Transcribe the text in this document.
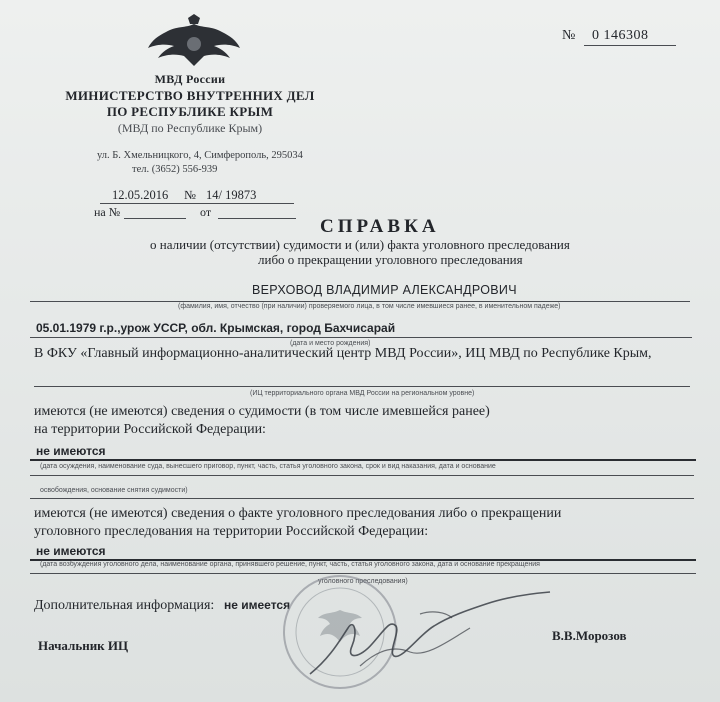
МВД России
МИНИСТЕРСТВО ВНУТРЕННИХ ДЕЛ
ПО РЕСПУБЛИКЕ КРЫМ
(МВД по Республике Крым)
ул. Б. Хмельницкого, 4, Симферополь, 295034
тел. (3652) 556-939
12.05.2016 № 14/ 19873
на №	от
№ 0 146308
СПРАВКА
о наличии (отсутствии) судимости и (или) факта уголовного преследования
либо о прекращении уголовного преследования
ВЕРХОВОД ВЛАДИМИР АЛЕКСАНДРОВИЧ
(фамилия, имя, отчество (при наличии) проверяемого лица, в том числе имевшиеся ранее, в именительном падеже)
05.01.1979 г.р.,урож УССР, обл. Крымская, город Бахчисарай
(дата и место рождения)
В ФКУ «Главный информационно-аналитический центр МВД России», ИЦ МВД по Республике Крым,
(ИЦ территориального органа МВД России на региональном уровне)
имеются (не имеются) сведения о судимости (в том числе имевшейся ранее)
на территории Российской Федерации:
не имеются
(дата осуждения, наименование суда, вынесшего приговор, пункт, часть, статья уголовного закона, срок и вид наказания, дата и основание
освобождения, основание снятия судимости)
имеются (не имеются) сведения о факте уголовного преследования либо о прекращении
уголовного преследования на территории Российской Федерации:
не имеются
(дата возбуждения уголовного дела, наименование органа, принявшего решение, пункт, часть, статья уголовного закона, дата и основание прекращения
уголовного преследования)
Дополнительная информация: не имеется
Начальник ИЦ
В.В.Морозов
